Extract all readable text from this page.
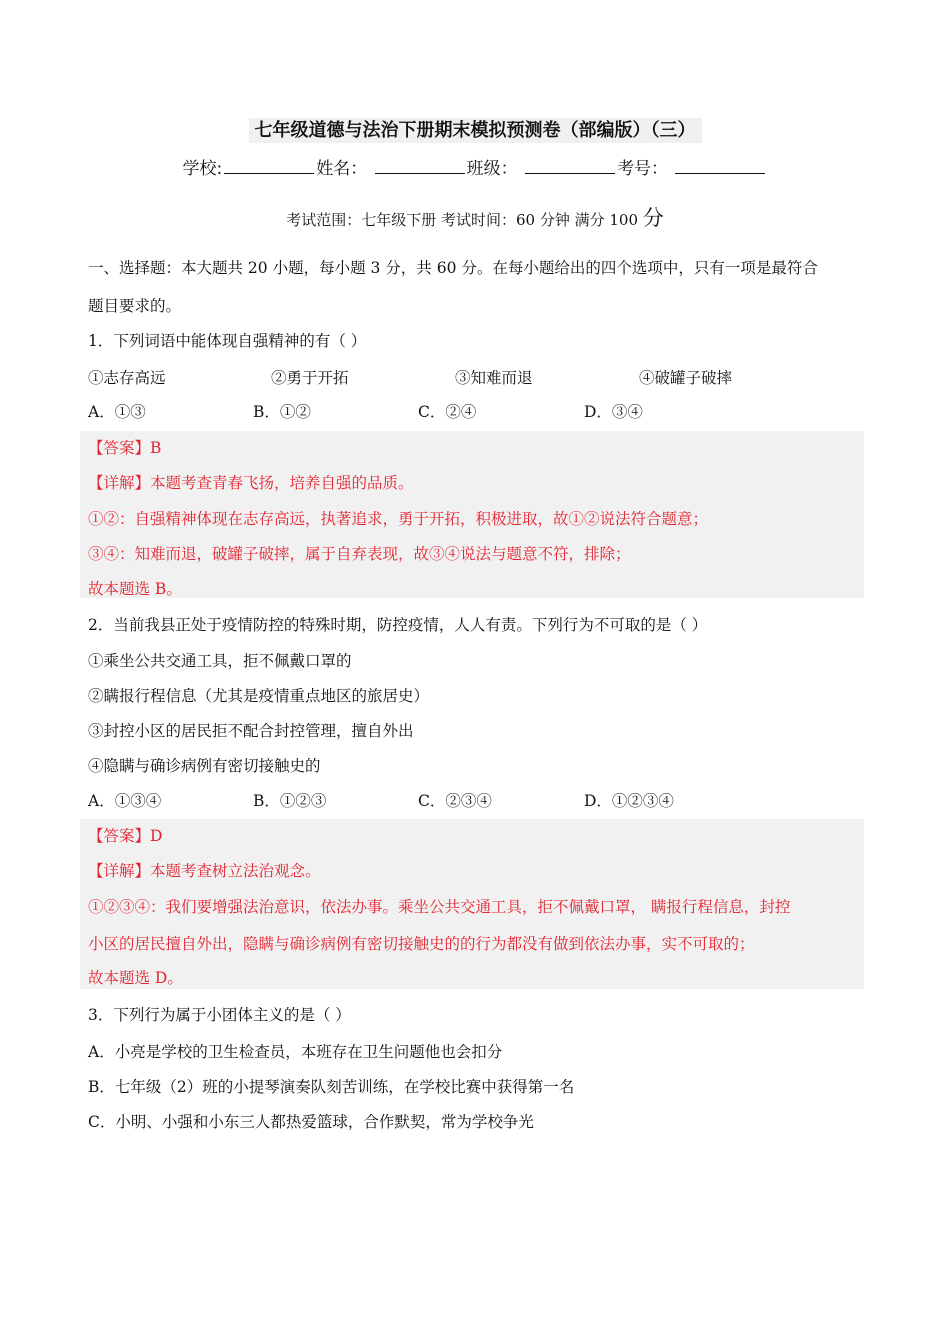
七年级道德与法治下册期末模拟预测卷（部编版）（三）
学校:	姓名：	班级：	考号：
考试范围：七年级下册 考试时间：60 分钟 满分 100 分
一、选择题：本大题共 20 小题，每小题 3 分，共 60 分。在每小题给出的四个选项中，只有一项是最符合
题目要求的。
1．下列词语中能体现自强精神的有（ ）
①志存高远	②勇于开拓	③知难而退	④破罐子破摔
A．①③	B．①②	C．②④	D．③④
【答案】B
【详解】本题考查青春飞扬，培养自强的品质。
①②：自强精神体现在志存高远，执著追求，勇于开拓，积极进取，故①②说法符合题意；
③④：知难而退，破罐子破摔，属于自弃表现，故③④说法与题意不符，排除；
故本题选 B。
2．当前我县正处于疫情防控的特殊时期，防控疫情，人人有责。下列行为不可取的是（ ）
①乘坐公共交通工具，拒不佩戴口罩的
②瞒报行程信息（尤其是疫情重点地区的旅居史）
③封控小区的居民拒不配合封控管理，擅自外出
④隐瞒与确诊病例有密切接触史的
A．①③④	B．①②③	C．②③④	D．①②③④
【答案】D
【详解】本题考查树立法治观念。
①②③④：我们要增强法治意识，依法办事。乘坐公共交通工具，拒不佩戴口罩， 瞒报行程信息，封控
小区的居民擅自外出，隐瞒与确诊病例有密切接触史的的行为都没有做到依法办事，实不可取的；
故本题选 D。
3．下列行为属于小团体主义的是（ ）
A．小亮是学校的卫生检查员，本班存在卫生问题他也会扣分
B．七年级（2）班的小提琴演奏队刻苦训练，在学校比赛中获得第一名
C．小明、小强和小东三人都热爱篮球，合作默契，常为学校争光
